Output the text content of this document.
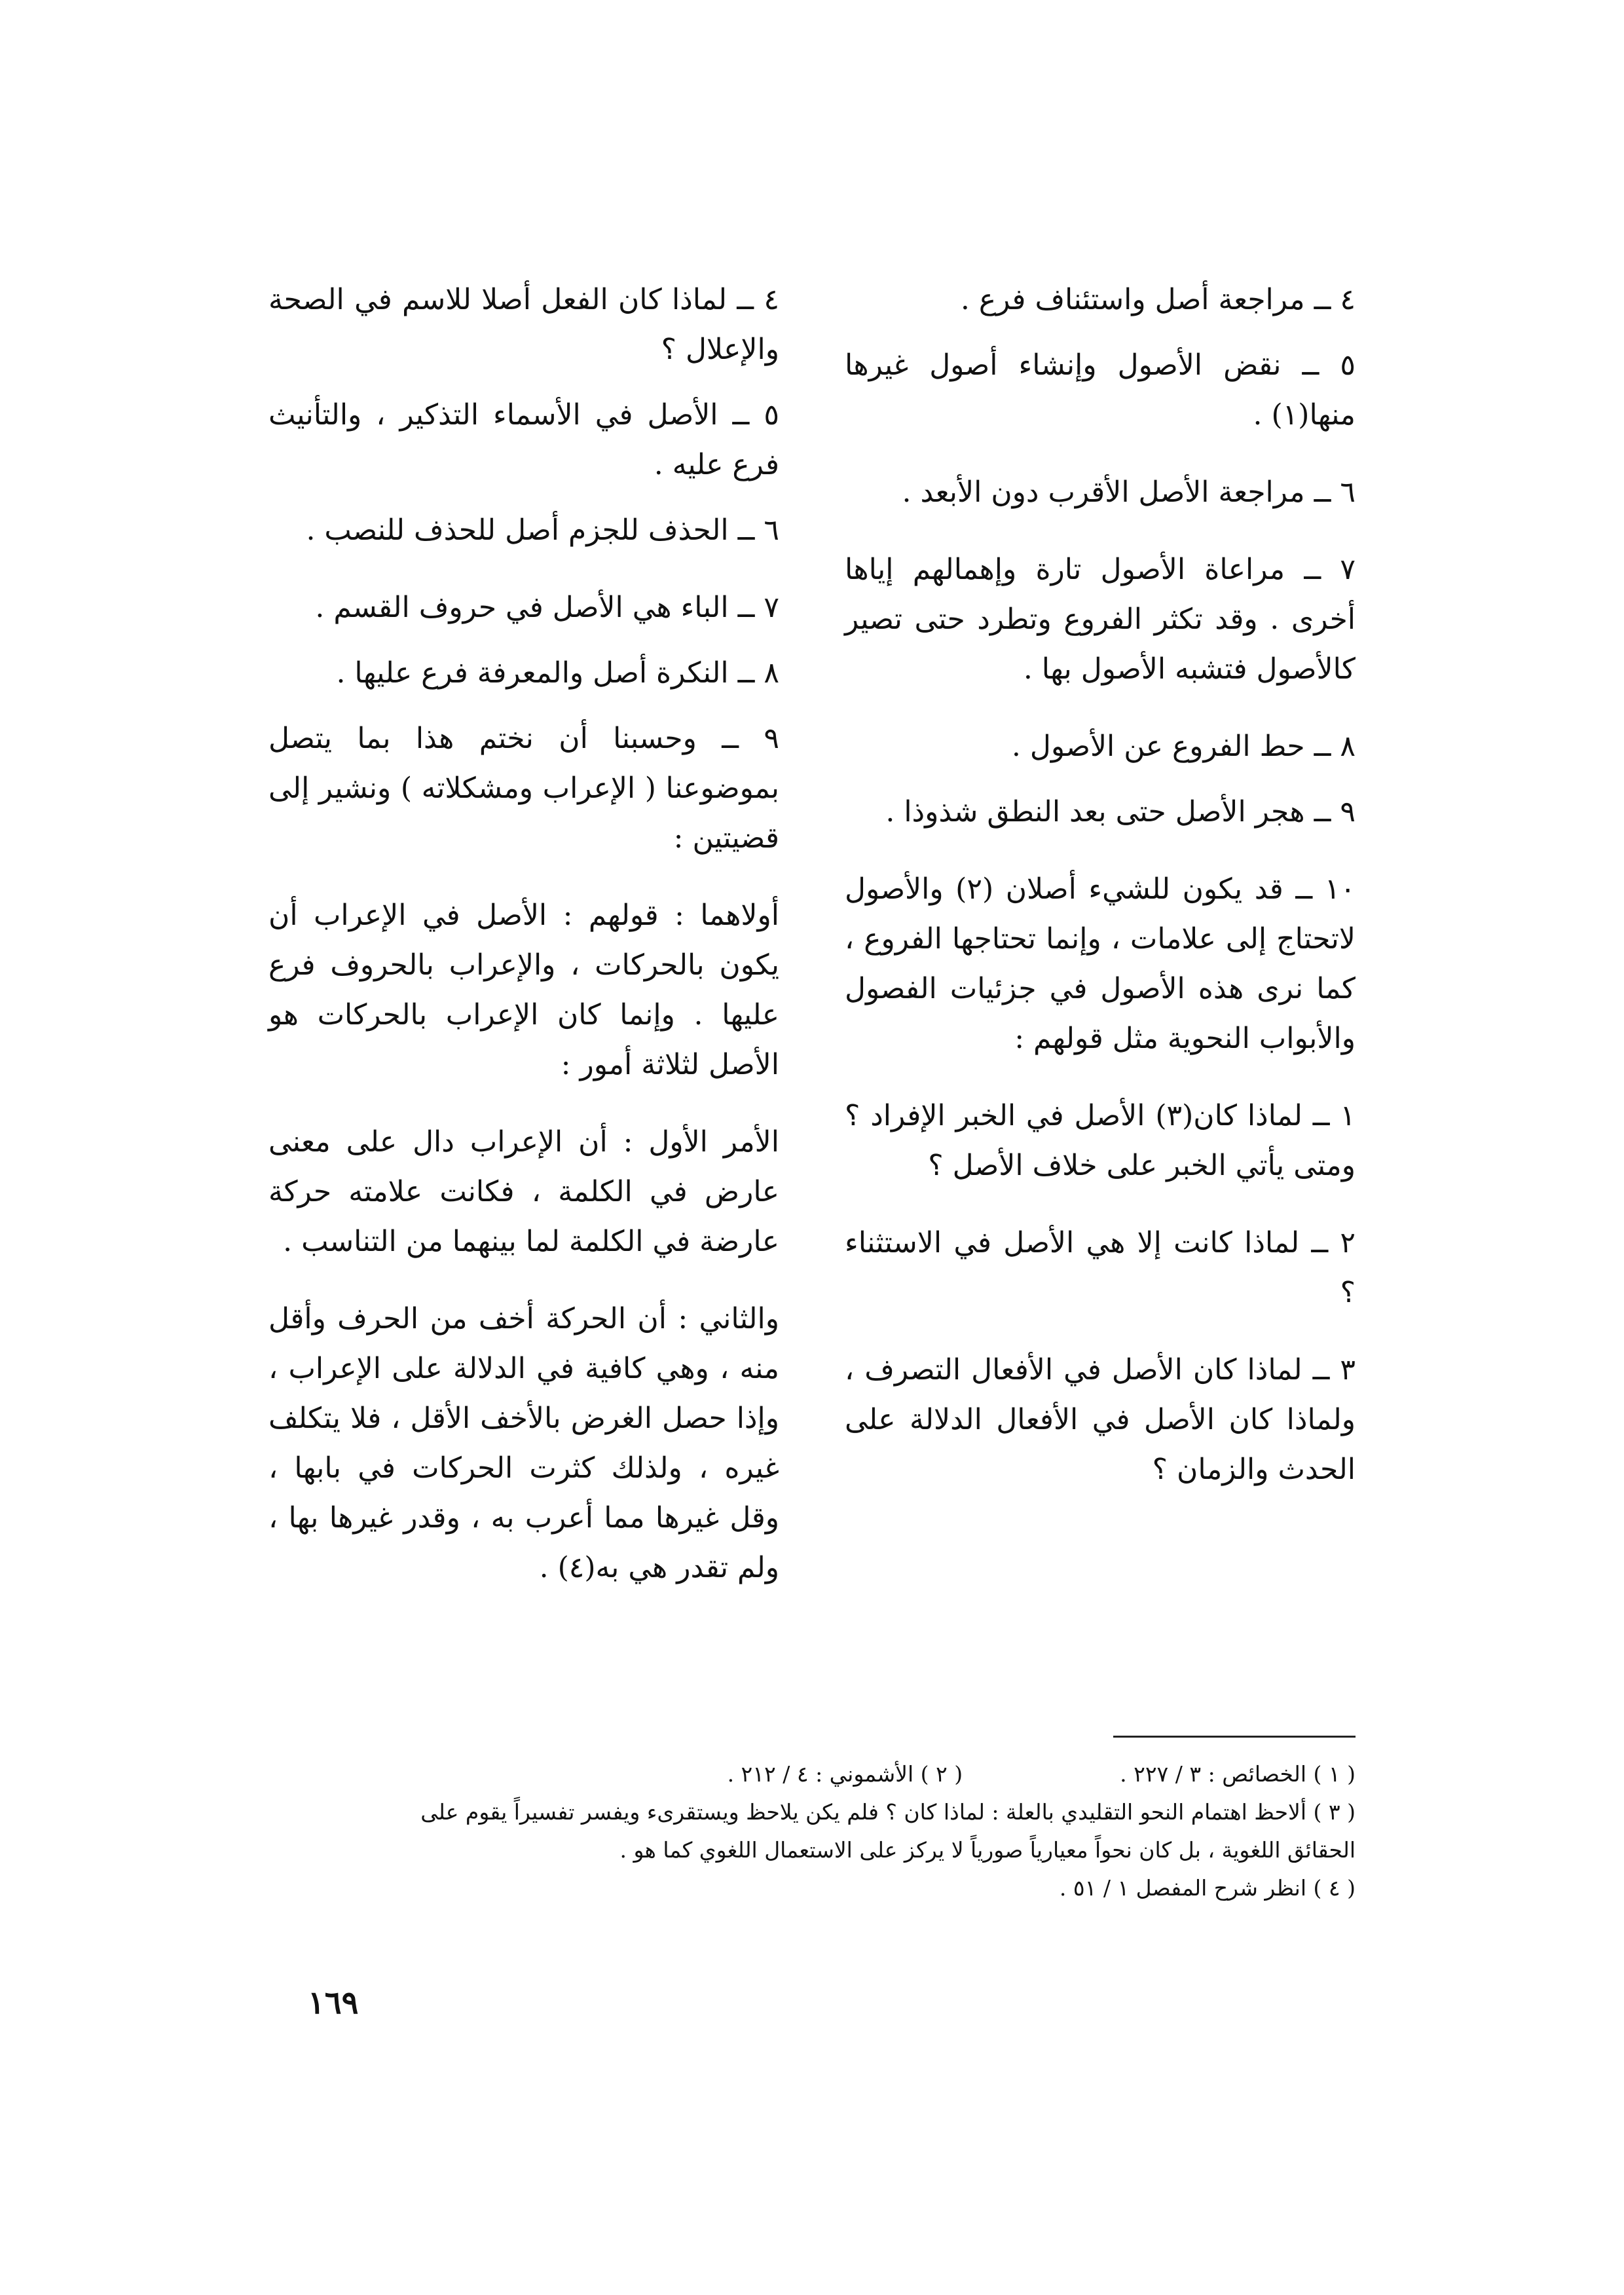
٤ ــ مراجعة أصل واستئناف فرع .

٥ ــ نقض الأصول وإنشاء أصول غيرها منها(١) .

٦ ــ مراجعة الأصل الأقرب دون الأبعد .

٧ ــ مراعاة الأصول تارة وإهمالهم إياها أخرى . وقد تكثر الفروع وتطرد حتى تصير كالأصول فتشبه الأصول بها .

٨ ــ حط الفروع عن الأصول .

٩ ــ هجر الأصل حتى بعد النطق شذوذا .

١٠ ــ قد يكون للشيء أصلان (٢) والأصول لاتحتاج إلى علامات ، وإنما تحتاجها الفروع ، كما نرى هذه الأصول في جزئيات الفصول والأبواب النحوية مثل قولهم :

١ ــ لماذا كان(٣) الأصل في الخبر الإفراد ؟ ومتى يأتي الخبر على خلاف الأصل ؟

٢ ــ لماذا كانت إلا هي الأصل في الاستثناء ؟

٣ ــ لماذا كان الأصل في الأفعال التصرف ، ولماذا كان الأصل في الأفعال الدلالة على الحدث والزمان ؟

٤ ــ لماذا كان الفعل أصلا للاسم في الصحة والإعلال ؟

٥ ــ الأصل في الأسماء التذكير ، والتأنيث فرع عليه .

٦ ــ الحذف للجزم أصل للحذف للنصب .

٧ ــ الباء هي الأصل في حروف القسم .

٨ ــ النكرة أصل والمعرفة فرع عليها .

٩ ــ وحسبنا أن نختم هذا بما يتصل بموضوعنا ( الإعراب ومشكلاته ) ونشير إلى قضيتين :

أولاهما : قولهم : الأصل في الإعراب أن يكون بالحركات ، والإعراب بالحروف فرع عليها . وإنما كان الإعراب بالحركات هو الأصل لثلاثة أمور :

الأمر الأول : أن الإعراب دال على معنى عارض في الكلمة ، فكانت علامته حركة عارضة في الكلمة لما بينهما من التناسب .

والثاني : أن الحركة أخف من الحرف وأقل منه ، وهي كافية في الدلالة على الإعراب ، وإذا حصل الغرض بالأخف الأقل ، فلا يتكلف غيره ، ولذلك كثرت الحركات في بابها ، وقل غيرها مما أعرب به ، وقدر غيرها بها ، ولم تقدر هي به(٤) .

( ١ ) الخصائص : ٣ / ٢٢٧ .

( ٢ ) الأشموني : ٤ / ٢١٢ .

( ٣ ) ألاحظ اهتمام النحو التقليدي بالعلة : لماذا كان ؟ فلم يكن يلاحظ ويستقرىء ويفسر تفسيراً يقوم على

الحقائق اللغوية ، بل كان نحواً معيارياً صورياً لا يركز على الاستعمال اللغوي كما هو .

( ٤ ) انظر شرح المفصل ١ / ٥١ .

١٦٩
